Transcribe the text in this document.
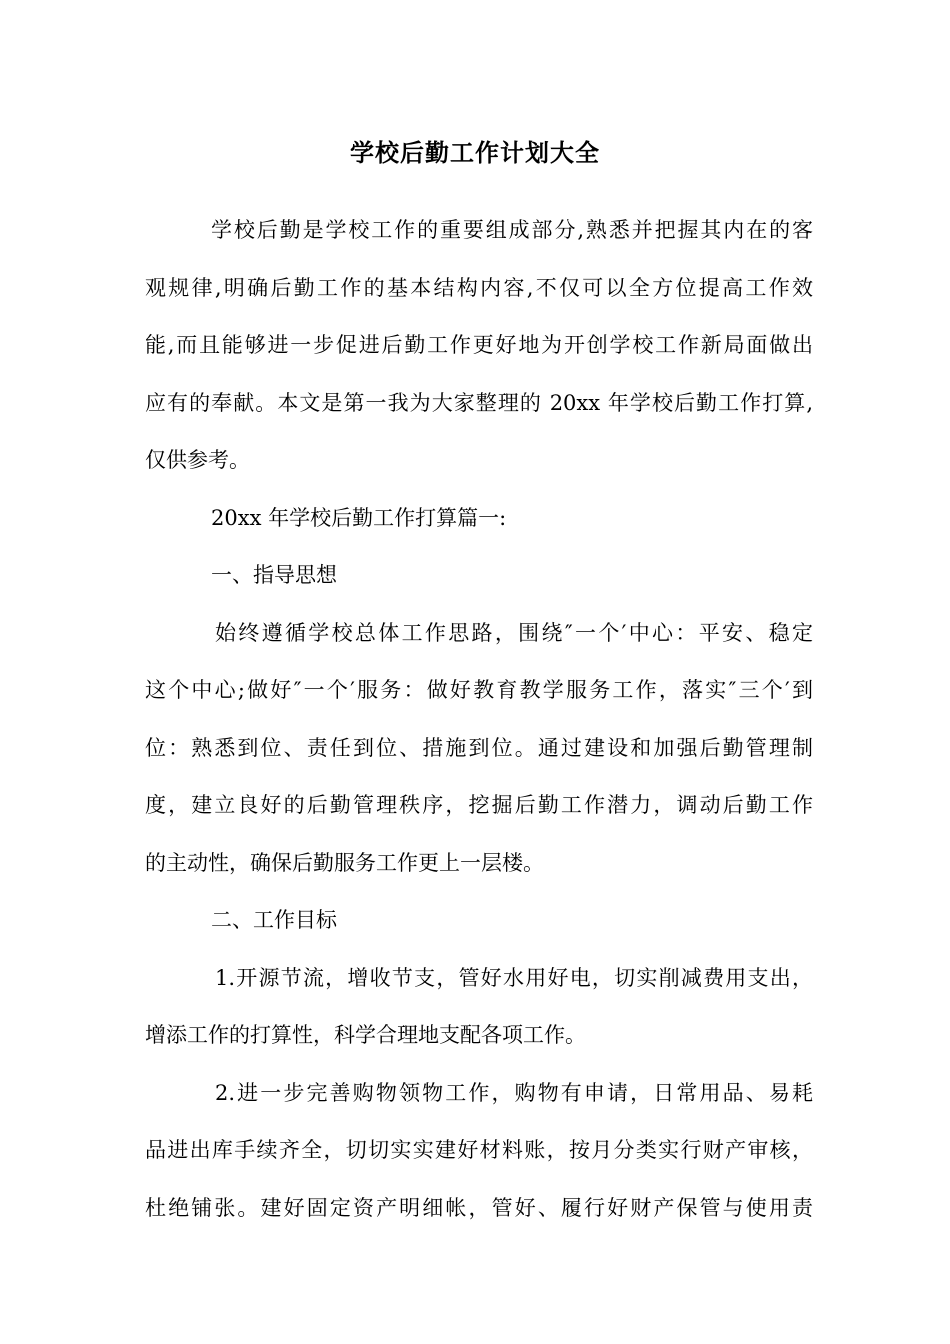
学校后勤工作计划大全
学校后勤是学校工作的重要组成部分,熟悉并把握其内在的客
观规律,明确后勤工作的基本结构内容,不仅可以全方位提高工作效
能,而且能够进一步促进后勤工作更好地为开创学校工作新局面做出
应有的奉献。本文是第一我为大家整理的 20xx 年学校后勤工作打算,
仅供参考。
20xx 年学校后勤工作打算篇一:
一、指导思想
始终遵循学校总体工作思路，围绕″一个′中心：平安、稳定
这个中心;做好″一个′服务：做好教育教学服务工作，落实″三个′到
位：熟悉到位、责任到位、措施到位。通过建设和加强后勤管理制
度，建立良好的后勤管理秩序，挖掘后勤工作潜力，调动后勤工作
的主动性，确保后勤服务工作更上一层楼。
二、工作目标
1.开源节流，增收节支，管好水用好电，切实削减费用支出，
增添工作的打算性，科学合理地支配各项工作。
2.进一步完善购物领物工作，购物有申请，日常用品、易耗
品进出库手续齐全，切切实实建好材料账，按月分类实行财产审核，
杜绝铺张。建好固定资产明细帐，管好、履行好财产保管与使用责
